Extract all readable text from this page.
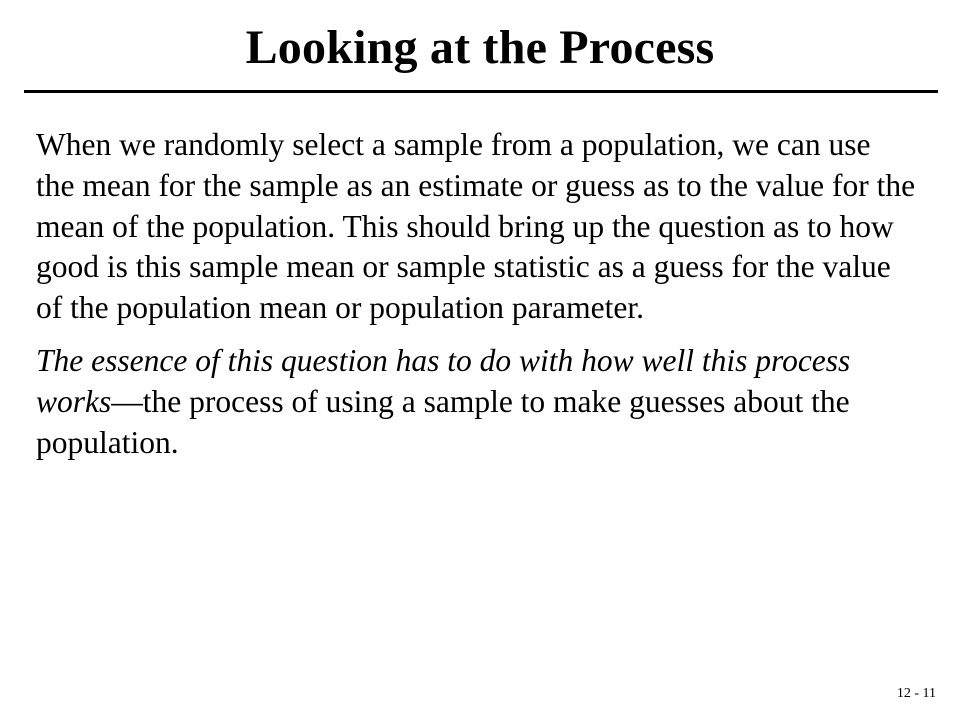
Looking at the Process

When we randomly select a sample from a population, we can use the mean for the sample as an estimate or guess as to the value for the mean of the population. This should bring up the question as to how good is this sample mean or sample statistic as a guess for the value of the population mean or population parameter.

The essence of this question has to do with how well this process works—the process of using a sample to make guesses about the population.

12 - 11
